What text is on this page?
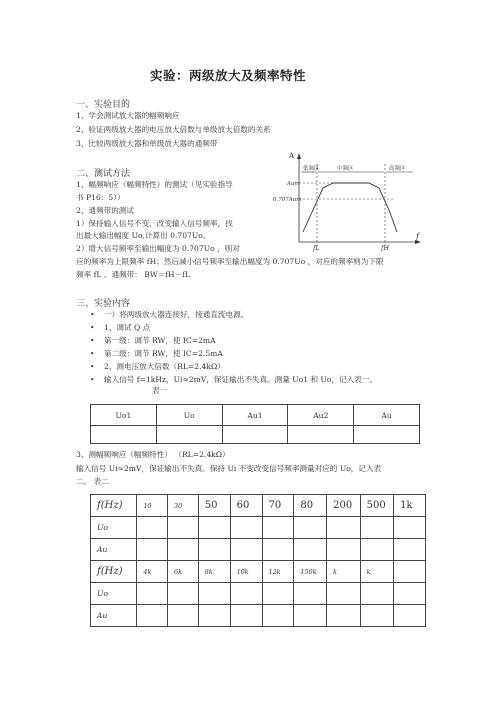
实验：两级放大及频率特性
一、实验目的
1、学会测试放大器的幅频响应
2、验证两级放大器的电压放大倍数与单级放大倍数的关系
3、比较两级放大器和单级放大器的通频带
二、测试方法
1、幅频响应（幅频特性）的测试（见实验指导
书 P16：5））
2、通频带的测试
1）保持输入信号不变，改变输入信号频率，找
出最大输出幅度 Uo,计算出 0.707Uo。
2）增大信号频率至输出幅度为 0.707Uo ，则对
应的频率为上限频率 fH；然后减小信号频率至输出幅度为 0.707Uo ，对应的频率则为下限
频率 fL 。通频带： BW＝fH－fL
A
f
Aum
0.707Aum
低频区	中频区	高频区
fL	fH
三、实验内容
• 一）将两级放大器连接好，接通直流电源。
• 1、调试 Q 点
• 第一级：调节 RW，使 IC=2mA
• 第二级：调节 RW，使 IC=2.5mA
• 2、测电压放大倍数（RL=2.4kΩ）
• 输入信号 f=1kHz，Ui≈2mV，保证输出不失真。测量 Uo1 和 Uo，记入表一。
表一
Uo1	Uo	Au1	Au2	Au

3、测幅频响应（幅频特性） （RL=2.4kΩ）
输入信号 Ui≈2mV，保证输出不失真。保持 Ui 不变改变信号频率测量对应的 Uo，记入表
二。 表二
f(Hz)	10	30	50	60	70	80	200	500	1k
Uo									
Au									
f(Hz)	4k	6k	8k	10k	12k	150k	k	k	
Uo									
Au									
